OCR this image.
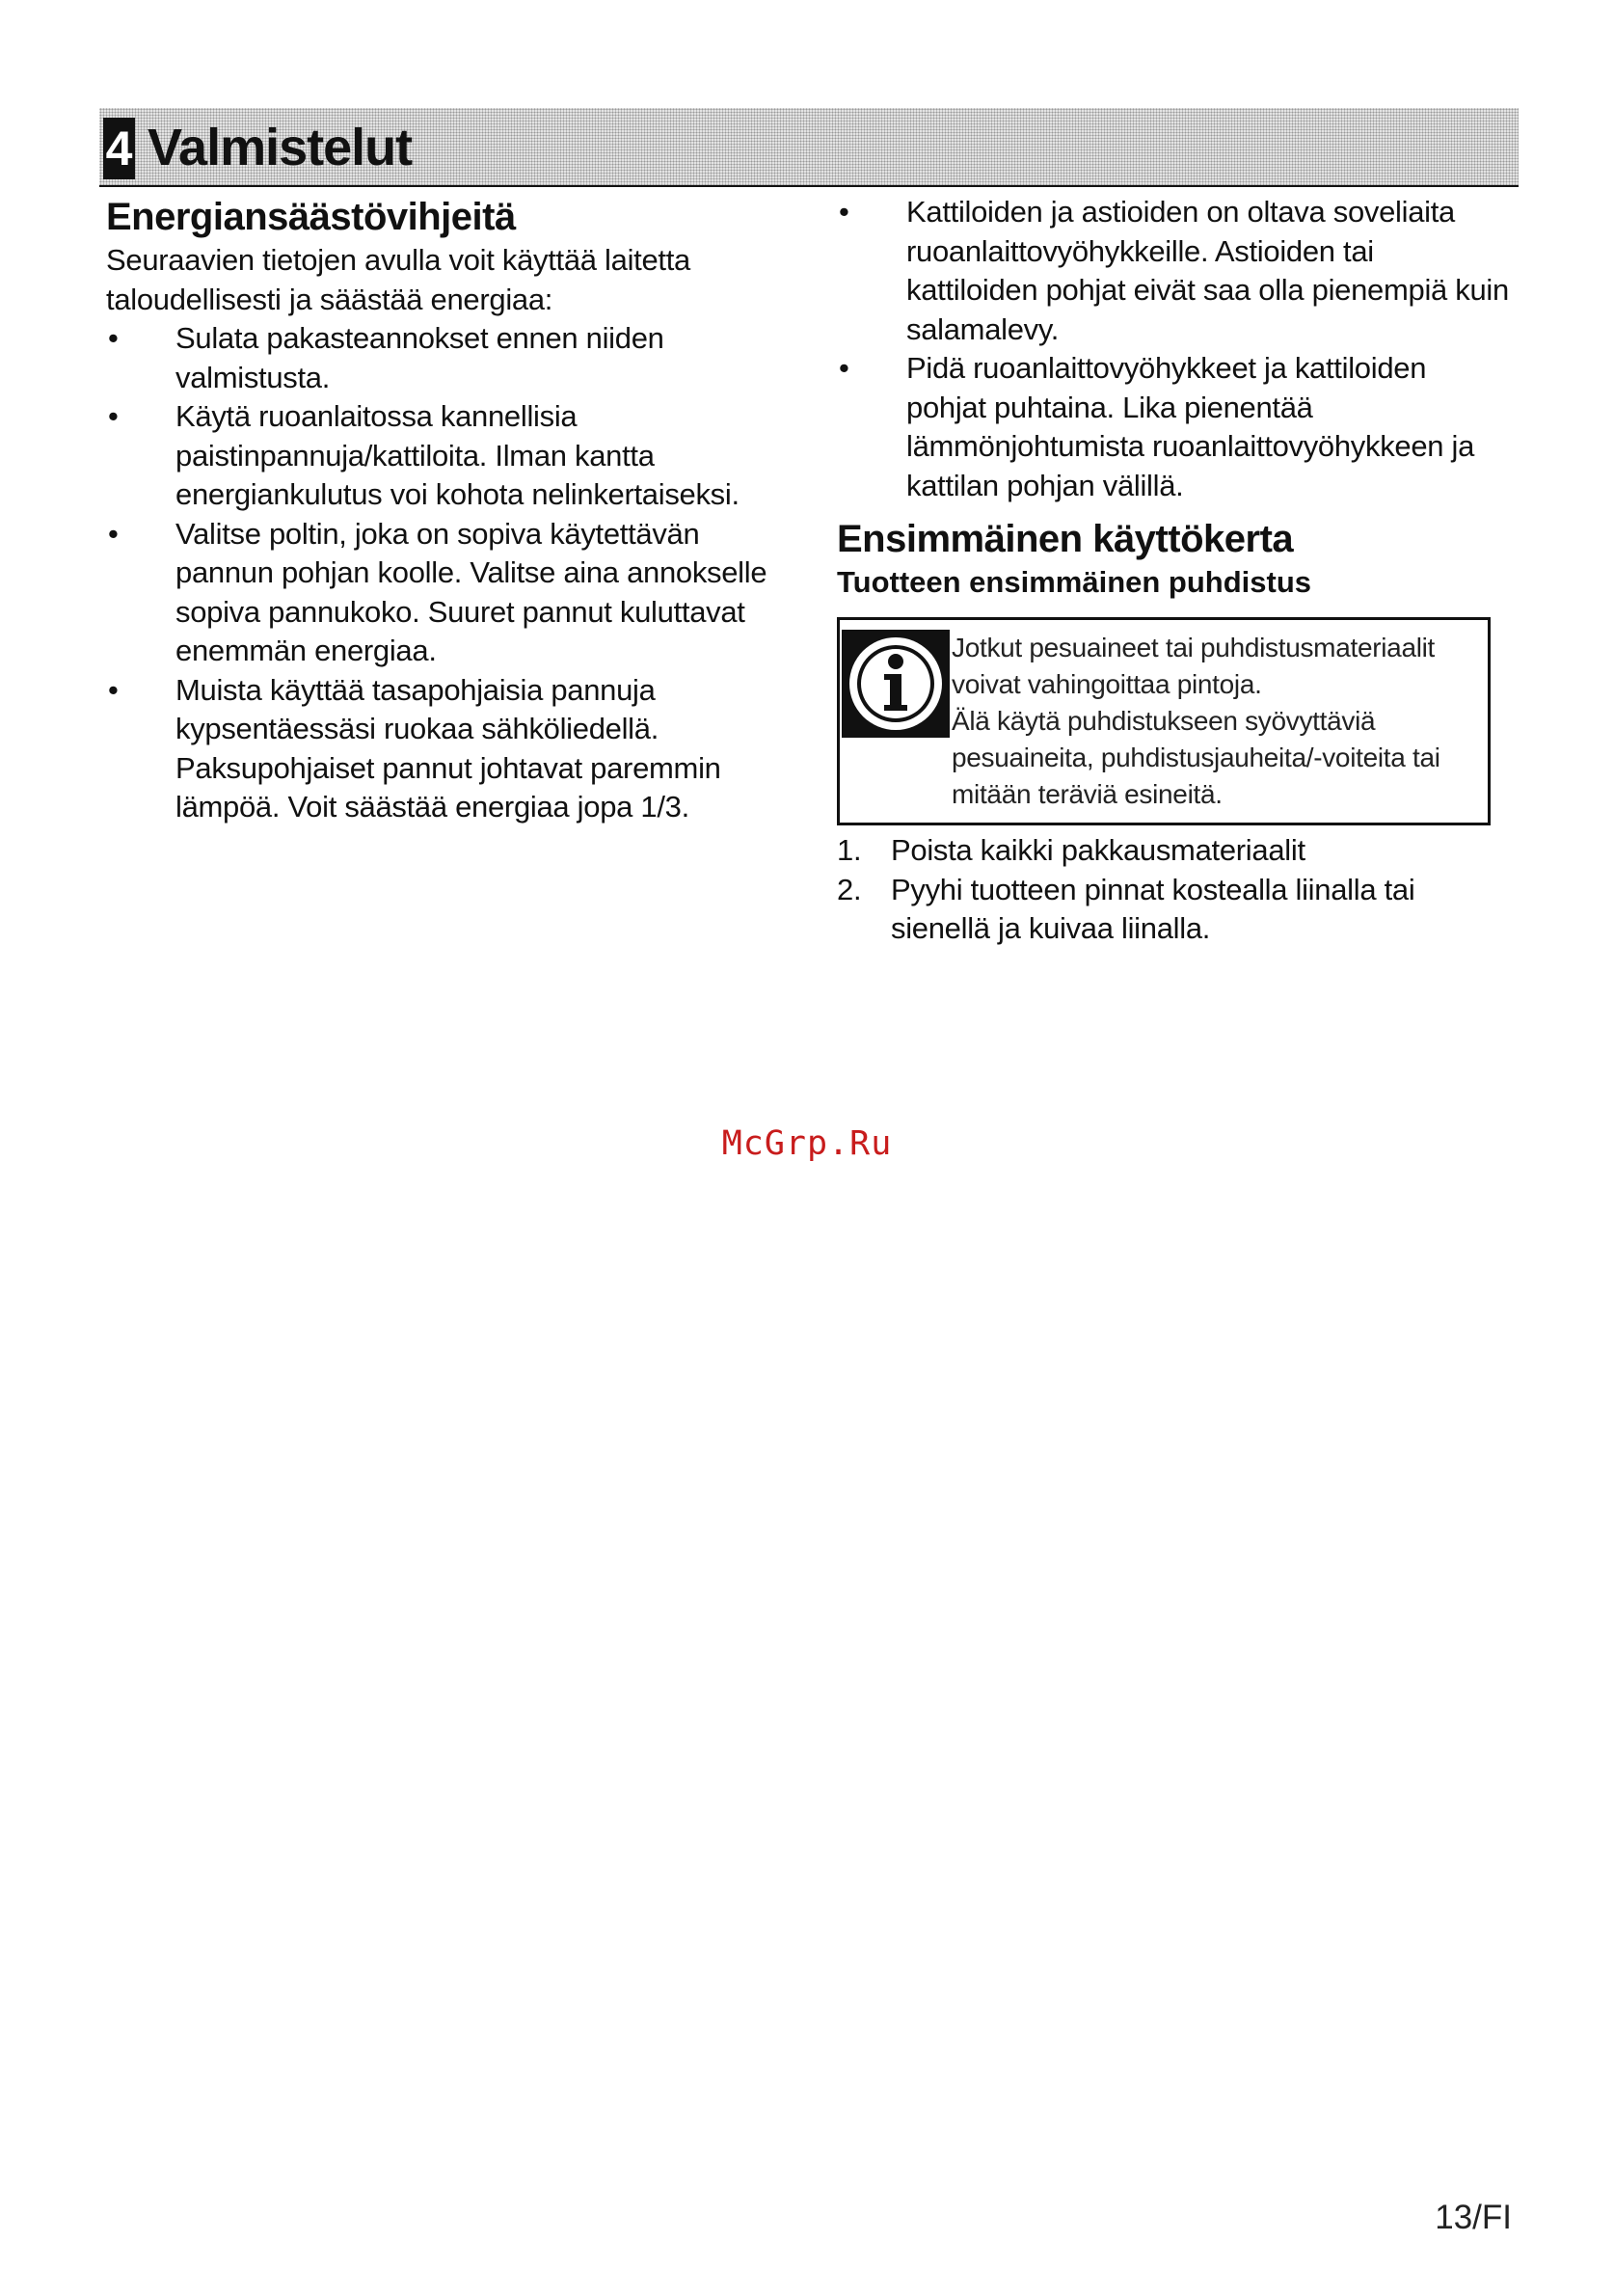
4 Valmistelut
Energiansäästövihjeitä

Seuraavien tietojen avulla voit käyttää laitetta taloudellisesti ja säästää energiaa:

• Sulata pakasteannokset ennen niiden valmistusta.
• Käytä ruoanlaitossa kannellisia paistinpannuja/kattiloita. Ilman kantta energiankulutus voi kohota nelinkertaiseksi.
• Valitse poltin, joka on sopiva käytettävän pannun pohjan koolle. Valitse aina annokselle sopiva pannukoko. Suuret pannut kuluttavat enemmän energiaa.
• Muista käyttää tasapohjaisia pannuja kypsentäessäsi ruokaa sähköliedellä. Paksupohjaiset pannut johtavat paremmin lämpöä. Voit säästää energiaa jopa 1/3.
• Kattiloiden ja astioiden on oltava soveliaita ruoanlaittovyöhykkeille. Astioiden tai kattiloiden pohjat eivät saa olla pienempiä kuin salamalevy.
• Pidä ruoanlaittovyöhykkeet ja kattiloiden pohjat puhtaina. Lika pienentää lämmönjohtumista ruoanlaittovyöhykkeen ja kattilan pohjan välillä.
Ensimmäinen käyttökerta
Tuotteen ensimmäinen puhdistus

Jotkut pesuaineet tai puhdistusmateriaalit voivat vahingoittaa pintoja.

Älä käytä puhdistukseen syövyttäviä pesuaineita, puhdistusjauheita/-voiteita tai mitään teräviä esineitä.

1. Poista kaikki pakkausmateriaalit
2. Pyyhi tuotteen pinnat kostealla liinalla tai sienellä ja kuivaa liinalla.
McGrp.Ru
13/FI
